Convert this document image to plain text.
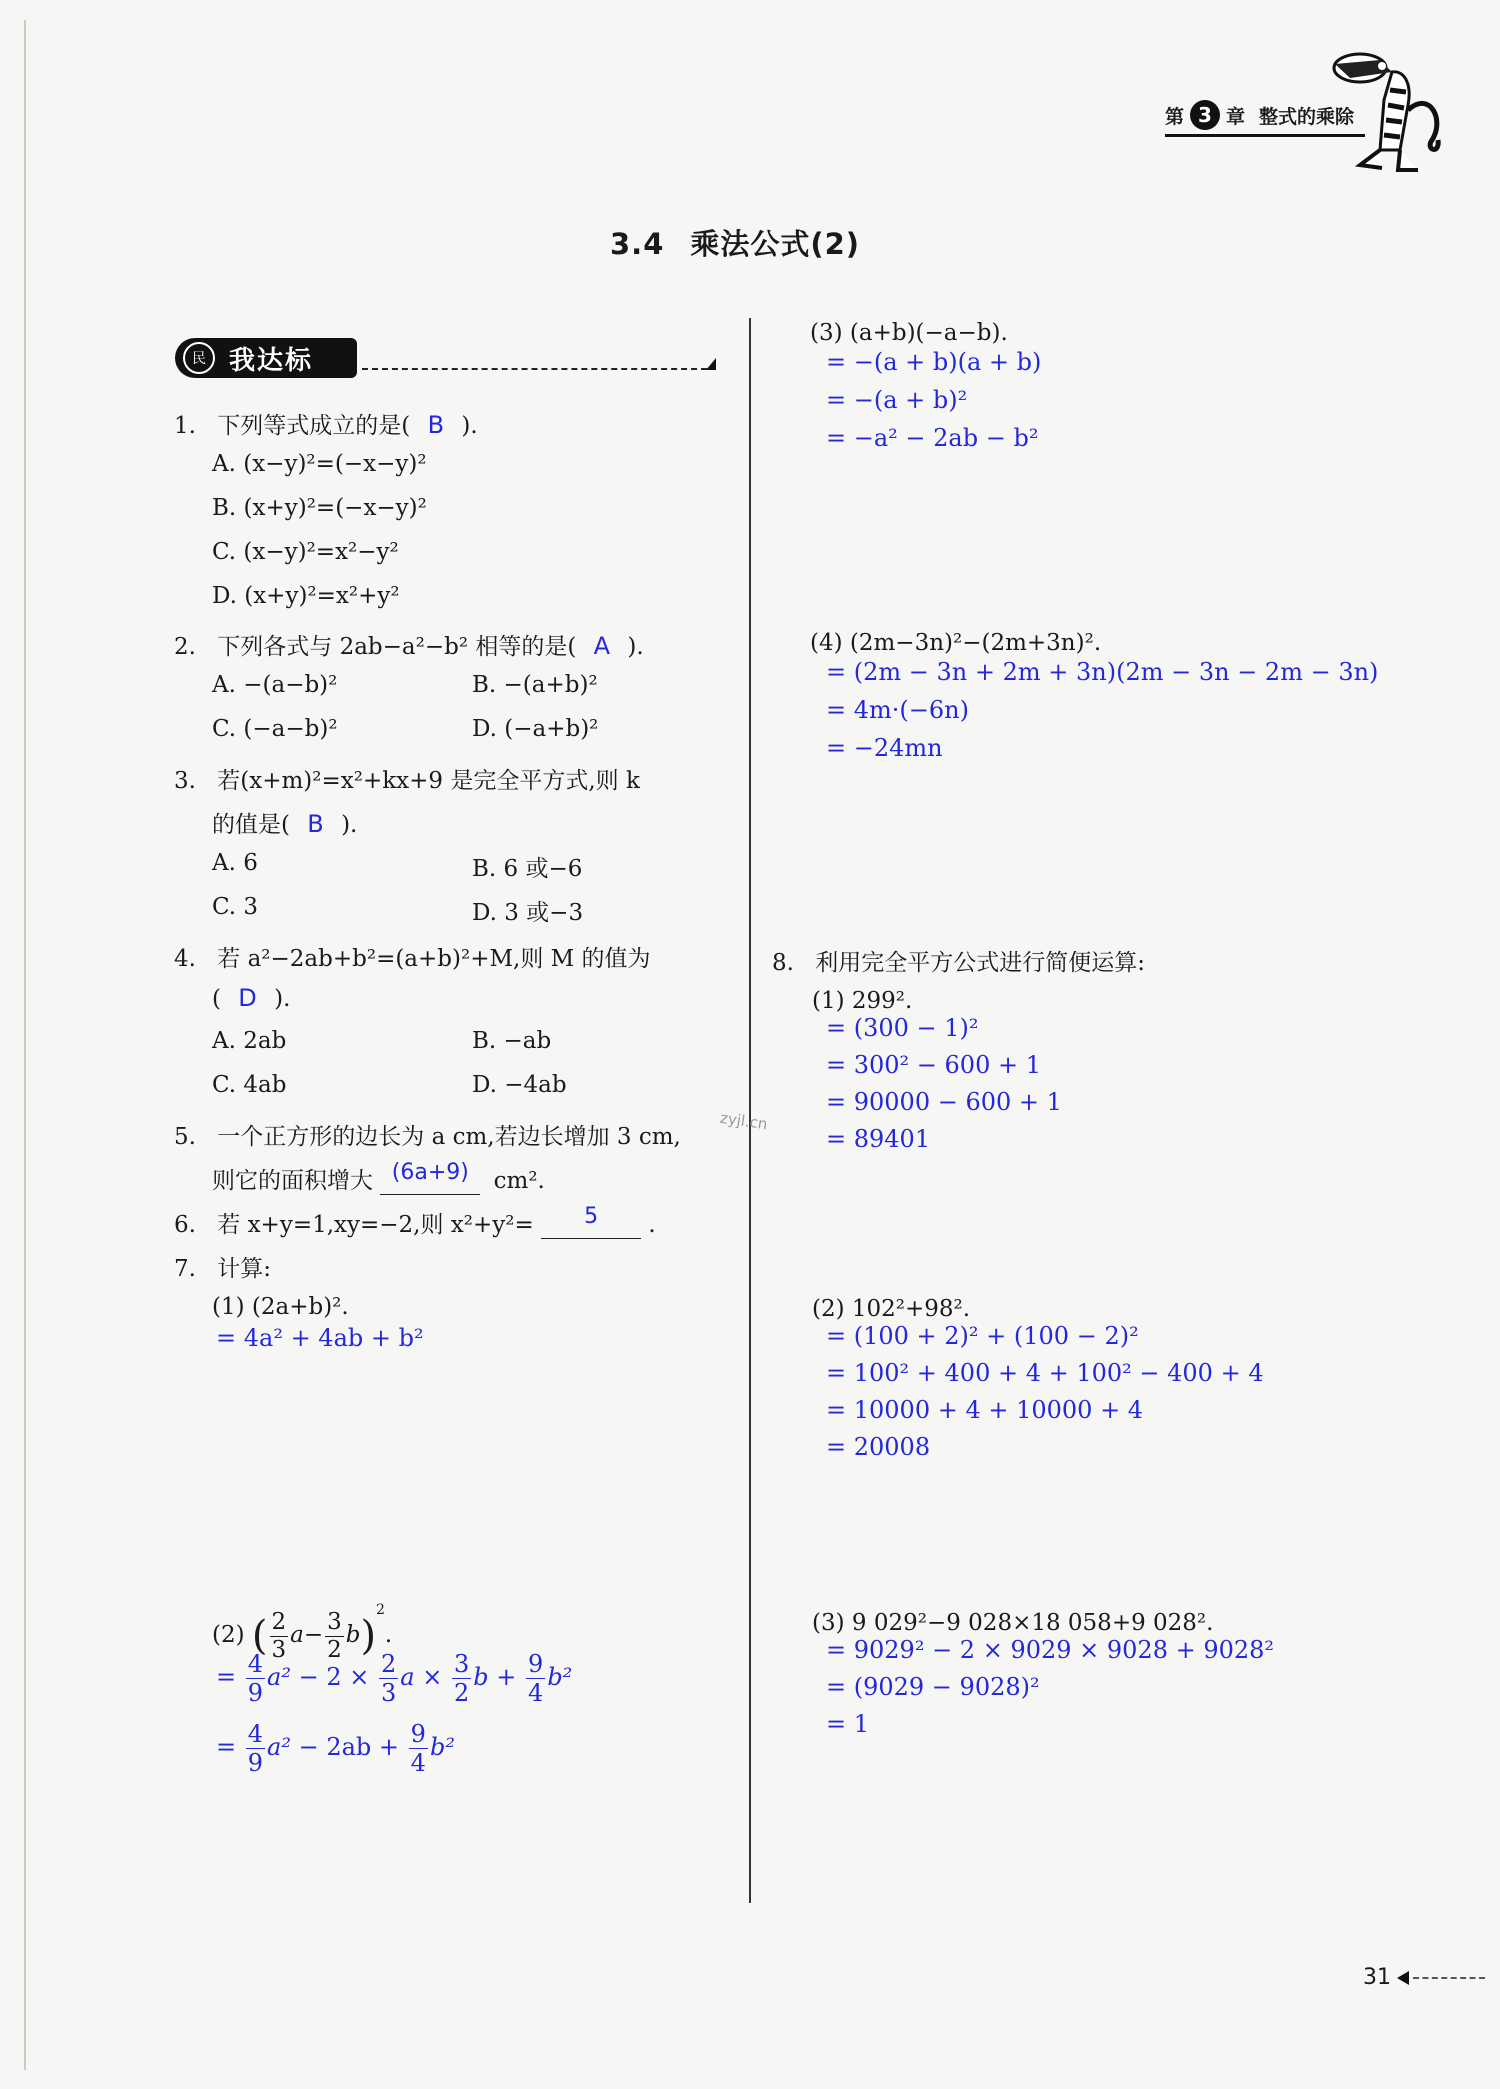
第 3 章 整式的乘除
3.4 乘法公式(2)
民 我达标
1. 下列等式成立的是( B ).
A. (x−y)²=(−x−y)²
B. (x+y)²=(−x−y)²
C. (x−y)²=x²−y²
D. (x+y)²=x²+y²
2. 下列各式与 2ab−a²−b² 相等的是( A ).
A. −(a−b)²	B. −(a+b)²
C. (−a−b)²	D. (−a+b)²
3. 若(x+m)²=x²+kx+9 是完全平方式,则 k
的值是( B ).
A. 6	B. 6 或−6
C. 3	D. 3 或−3
4. 若 a²−2ab+b²=(a+b)²+M,则 M 的值为
( D ).
A. 2ab	B. −ab
C. 4ab	D. −4ab
5. 一个正方形的边长为 a cm,若边长增加 3 cm,
则它的面积增大 (6a+9)	cm².
6. 若 x+y=1,xy=−2,则 x²+y²=	5	.
7. 计算:
(1) (2a+b)².
= 4a² + 4ab + b²
(2) ( $\frac{2}{3} a- \frac{3}{2} b)^2$.
= $\frac{4}{9} a^2 - 2 \times \frac{2}{3}$ $a \times \frac{3}{2}$ $b + \frac{9}{4} b^2$
= $\frac{4}{9} a^2 - 2ab + \frac{9}{4} b^2$
(3) (a+b)(−a−b).
= −(a + b)(a + b)
= −(a + b)²
= −a² − 2ab − b²
(4) (2m−3n)²−(2m+3n)².
= (2m − 3n + 2m + 3n)(2m − 3n − 2m − 3n)
= 4m·(−6n)
= −24mn
8. 利用完全平方公式进行简便运算:
(1) 299².
= (300 − 1)²
= 300² − 600 + 1
= 90000 − 600 + 1
= 89401
(2) 102²+98².
= (100 + 2)² + (100 − 2)²
= 100² + 400 + 4 + 100² − 400 + 4
= 10000 + 4 + 10000 + 4
= 20008
(3) 9 029²−9 028×18 058+9 028².
= 9029² − 2 × 9029 × 9028 + 9028²
= (9029 − 9028)²
= 1
zyjl.cn
31
